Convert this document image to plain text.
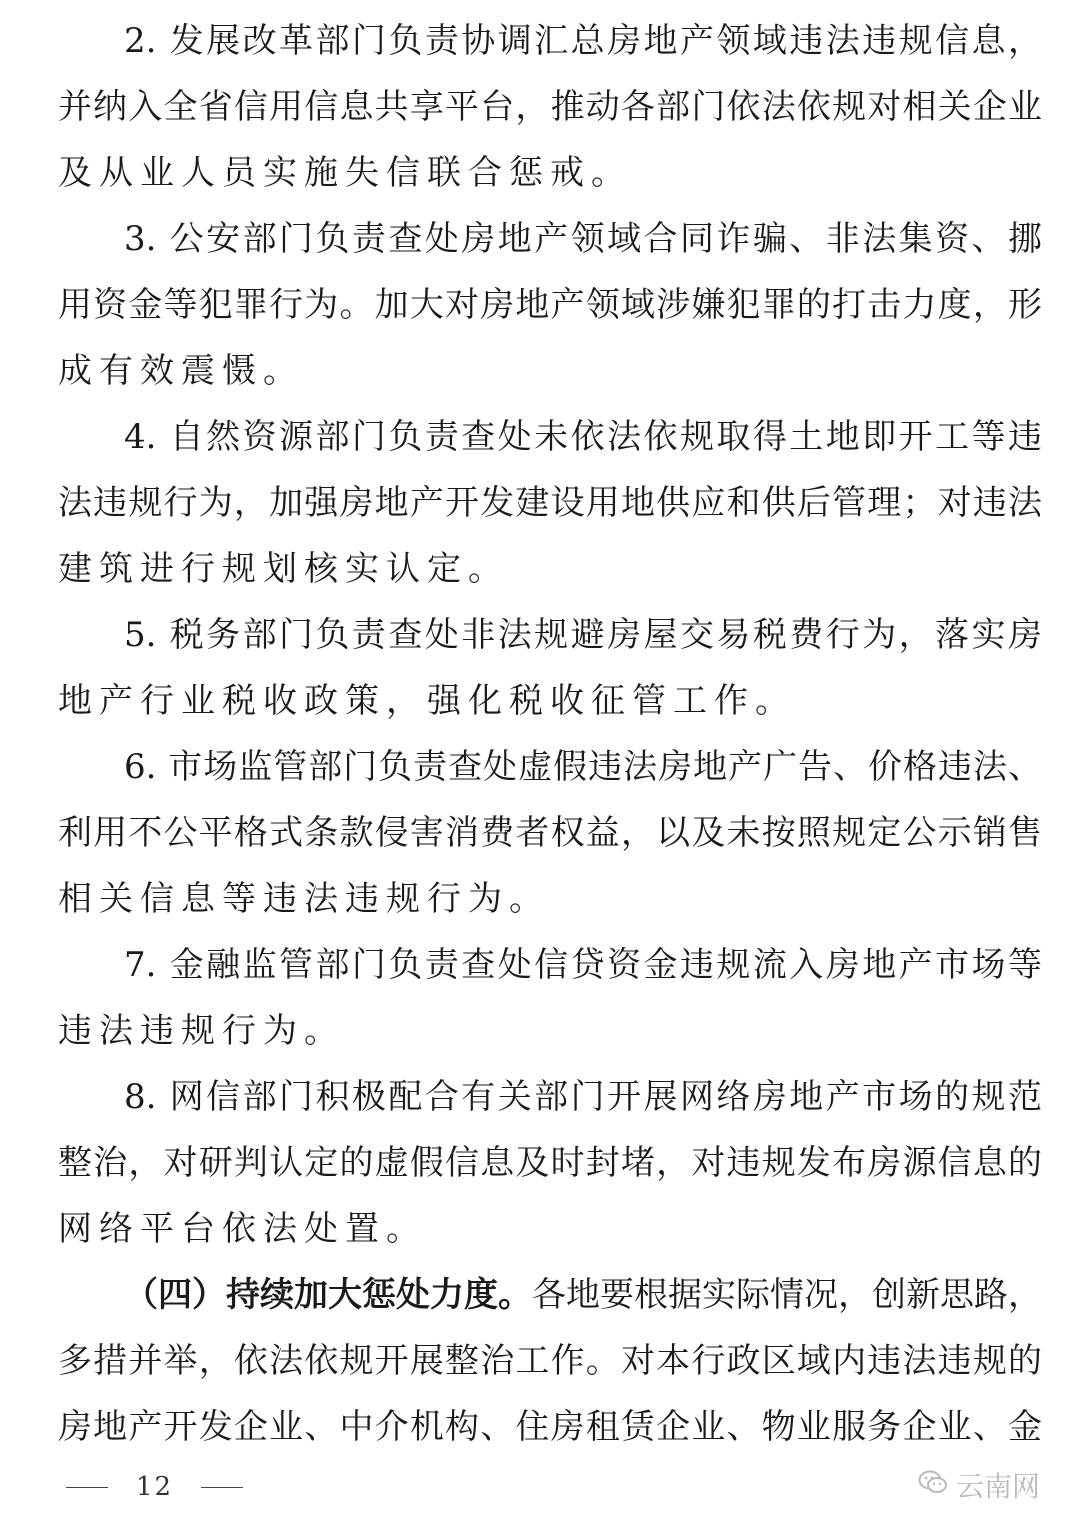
2. 发展改革部门负责协调汇总房地产领域违法违规信息，
并纳入全省信用信息共享平台，推动各部门依法依规对相关企业
及从业人员实施失信联合惩戒。
3. 公安部门负责查处房地产领域合同诈骗、非法集资、挪
用资金等犯罪行为。加大对房地产领域涉嫌犯罪的打击力度，形
成有效震慑。
4. 自然资源部门负责查处未依法依规取得土地即开工等违
法违规行为，加强房地产开发建设用地供应和供后管理；对违法
建筑进行规划核实认定。
5. 税务部门负责查处非法规避房屋交易税费行为，落实房
地产行业税收政策，强化税收征管工作。
6. 市场监管部门负责查处虚假违法房地产广告、价格违法、
利用不公平格式条款侵害消费者权益，以及未按照规定公示销售
相关信息等违法违规行为。
7. 金融监管部门负责查处信贷资金违规流入房地产市场等
违法违规行为。
8. 网信部门积极配合有关部门开展网络房地产市场的规范
整治，对研判认定的虚假信息及时封堵，对违规发布房源信息的
网络平台依法处置。
（四）持续加大惩处力度。各地要根据实际情况，创新思路，
多措并举，依法依规开展整治工作。对本行政区域内违法违规的
房地产开发企业、中介机构、住房租赁企业、物业服务企业、金
12	云南网
